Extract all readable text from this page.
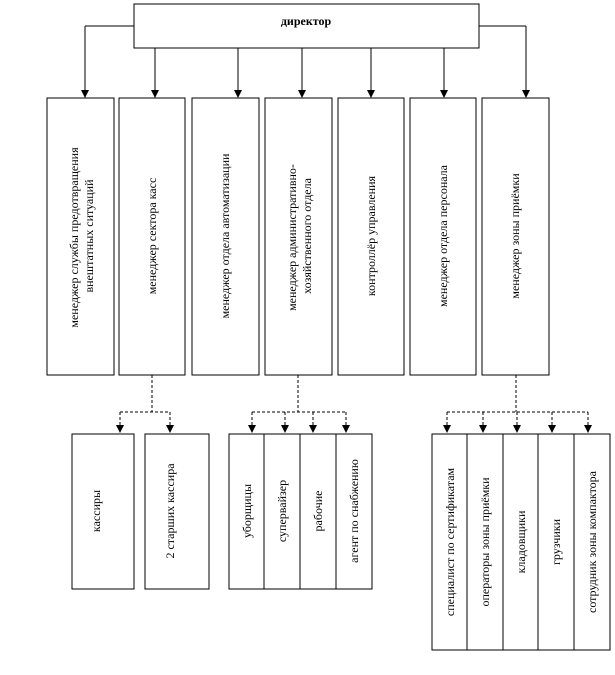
директор
менеджер службы предотвращения внештатных ситуаций	менеджер сектора касс	менеджер отдела автоматизации	менеджер административно- хозяйственного отдела	контроллёр управления	менеджер отдела персонала	менеджер зоны приёмки
кассиры	2 старших кассира	уборщицы супервайзер рабочие агент по снабжению	специалист по сертификатам операторы зоны приёмки кладовщики грузчики сотрудник зоны компактора
